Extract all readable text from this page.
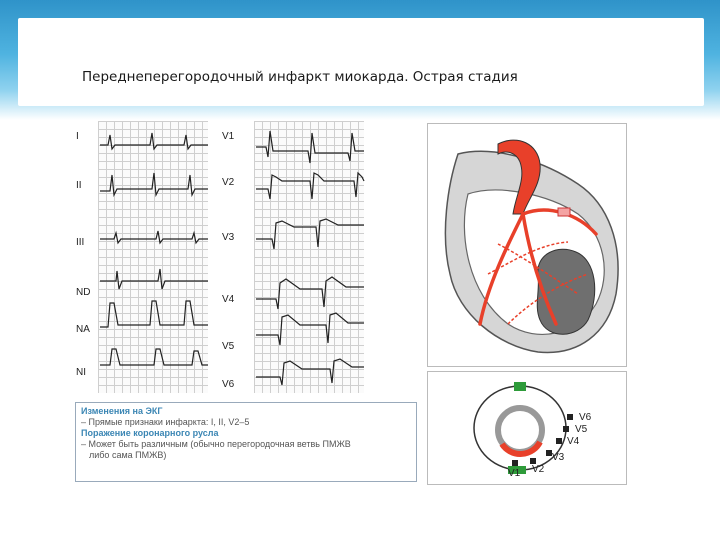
Переднеперегородочный инфаркт миокарда. Острая стадия
I
II
III
ND
NA
NI
V1
V2
V3
V4
V5
V6
Изменения на ЭКГ
– Прямые признаки инфаркта: I, II, V2–5
Поражение коронарного русла
– Может быть различным (обычно перегородочная ветвь ПМЖВ
либо сама ПМЖВ)
V6
V5
V4
V3
V2
V1
